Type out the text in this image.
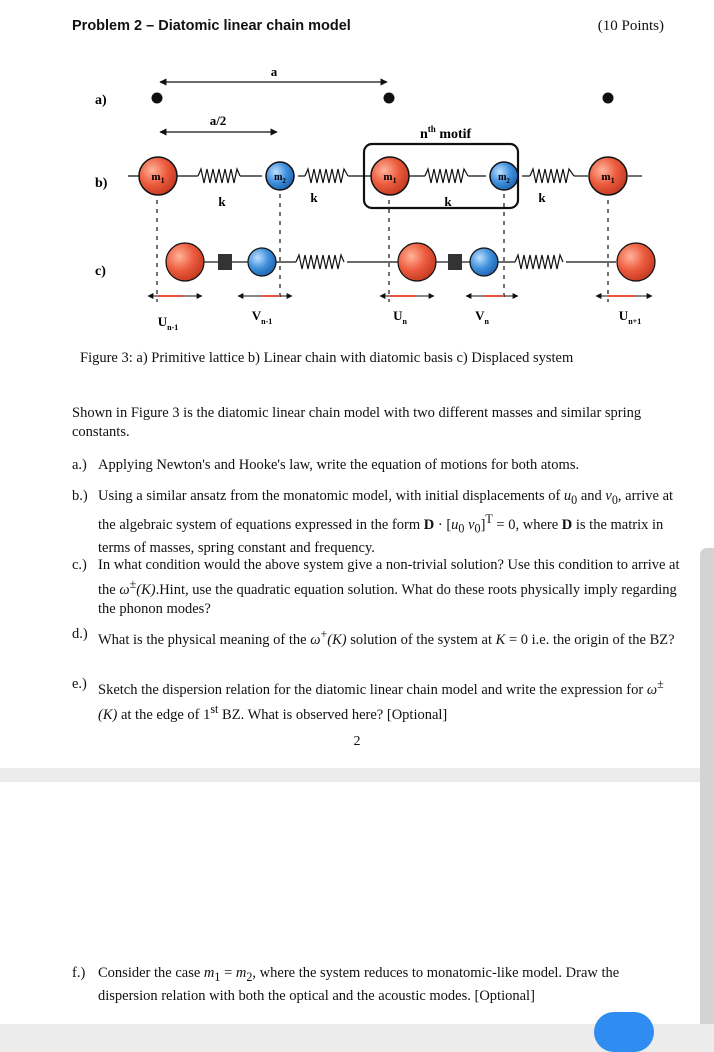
Problem 2 – Diatomic linear chain model	(10 Points)
a)
b)
c)
a
a/2
$n^{th}$ motif
k	k	k	k
$m_1$	$m_2$	$m_1$	$m_2$	$m_1$
$U_{n-1}$
$V_{n-1}$	$U_n$	$V_n$	$U_{n+1}$
Figure 3: a) Primitive lattice b) Linear chain with diatomic basis c) Displaced system
Shown in Figure 3 is the diatomic linear chain model with two different masses and similar spring constants.
a.) Applying Newton's and Hooke's law, write the equation of motions for both atoms.
b.) Using a similar ansatz from the monatomic model, with initial displacements of $u_0$ and $v_0$, arrive at the algebraic system of equations expressed in the form $D \cdot [u_0$ $v_0]^T = 0$, where D is the matrix in terms of masses, spring constant and frequency.
c.) In what condition would the above system give a non-trivial solution? Use this condition to arrive at the ω±(K).Hint, use the quadratic equation solution. What do these roots physically imply regarding the phonon modes?
d.) What is the physical meaning of the ω+(K) solution of the system at K = 0 i.e. the origin of the BZ?
e.) Sketch the dispersion relation for the diatomic linear chain model and write the expression for ω±(K) at the edge of 1st BZ. What is observed here? [Optional]
2
f.) Consider the case $m_1 = m_2$, where the system reduces to monatomic-like model. Draw the dispersion relation with both the optical and the acoustic modes. [Optional]
